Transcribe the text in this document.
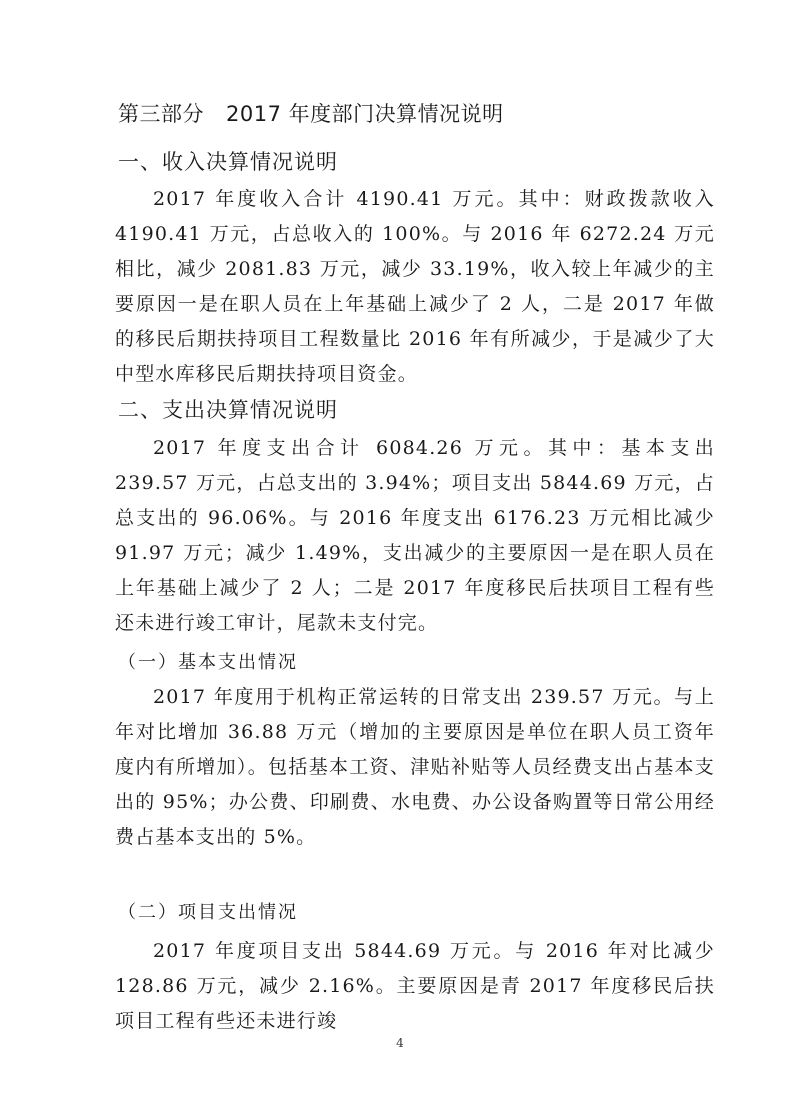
第三部分 2017 年度部门决算情况说明
一、收入决算情况说明
2017 年度收入合计 4190.41 万元。其中：财政拨款收入 4190.41 万元，占总收入的 100%。与 2016 年 6272.24 万元相比，减少 2081.83 万元，减少 33.19%，收入较上年减少的主要原因一是在职人员在上年基础上减少了 2 人，二是 2017 年做的移民后期扶持项目工程数量比 2016 年有所减少，于是减少了大中型水库移民后期扶持项目资金。
二、支出决算情况说明
2017 年度支出合计 6084.26 万元。其中：基本支出 239.57 万元，占总支出的 3.94%；项目支出 5844.69 万元，占总支出的 96.06%。与 2016 年度支出 6176.23 万元相比减少 91.97 万元；减少 1.49%，支出减少的主要原因一是在职人员在上年基础上减少了 2 人；二是 2017 年度移民后扶项目工程有些还未进行竣工审计，尾款未支付完。
（一）基本支出情况
2017 年度用于机构正常运转的日常支出 239.57 万元。与上年对比增加 36.88 万元（增加的主要原因是单位在职人员工资年度内有所增加）。包括基本工资、津贴补贴等人员经费支出占基本支出的 95%；办公费、印刷费、水电费、办公设备购置等日常公用经费占基本支出的 5%。
（二）项目支出情况
2017 年度项目支出 5844.69 万元。与 2016 年对比减少 128.86 万元，减少 2.16%。主要原因是青 2017 年度移民后扶项目工程有些还未进行竣
4
